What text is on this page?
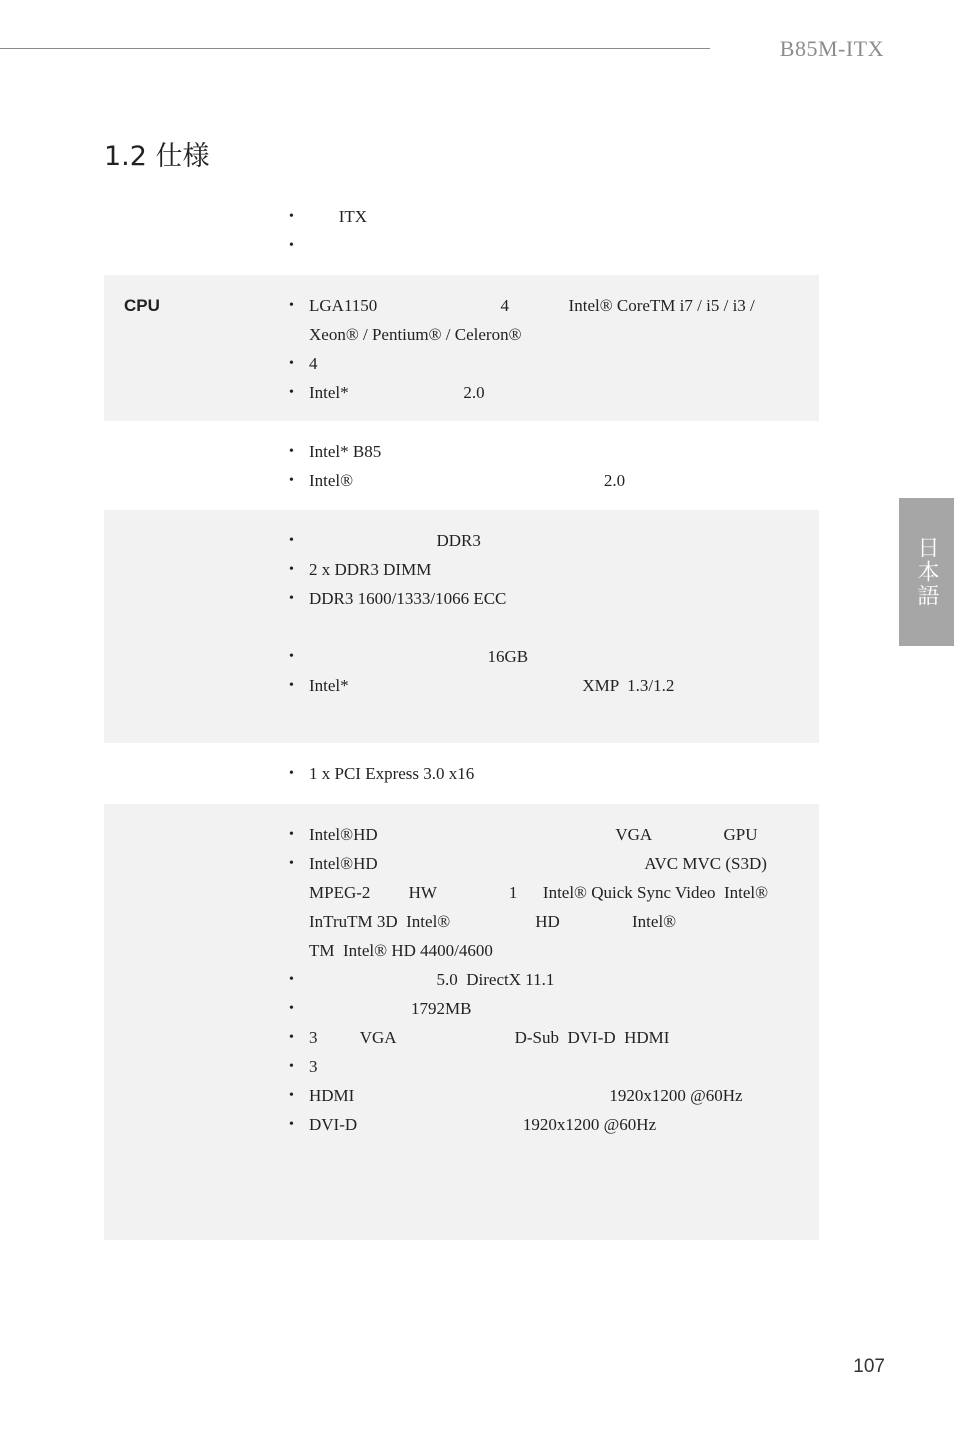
B85M-ITX
1.2 仕様
日本語
•        ITX
•
CPU
•	LGA1150                             4              Intel® CoreTM i7 / i5 / i3 / Xeon® / Pentium® / Celeron®
• 4
• Intel*                           2.0
• Intel* B85
• Intel®                                                           2.0
•                               DDR3
• 2 x DDR3 DIMM
• DDR3 1600/1333/1066 ECC
•                                           16GB
• Intel*                                                       XMP  1.3/1.2
• 1 x PCI Express 3.0 x16
• Intel®HD                                                        VGA                 GPU
• Intel®HD                                                               AVC MVC (S3D)  MPEG-2         HW                 1      Intel® Quick Sync Video  Intel® InTruTM 3D  Intel®                    HD                 Intel®                      TM  Intel® HD 4400/4600
•                               5.0  DirectX 11.1
•                         1792MB
• 3          VGA                            D-Sub  DVI-D  HDMI
• 3
• HDMI                                                            1920x1200 @60Hz
• DVI-D                                       1920x1200 @60Hz
107
